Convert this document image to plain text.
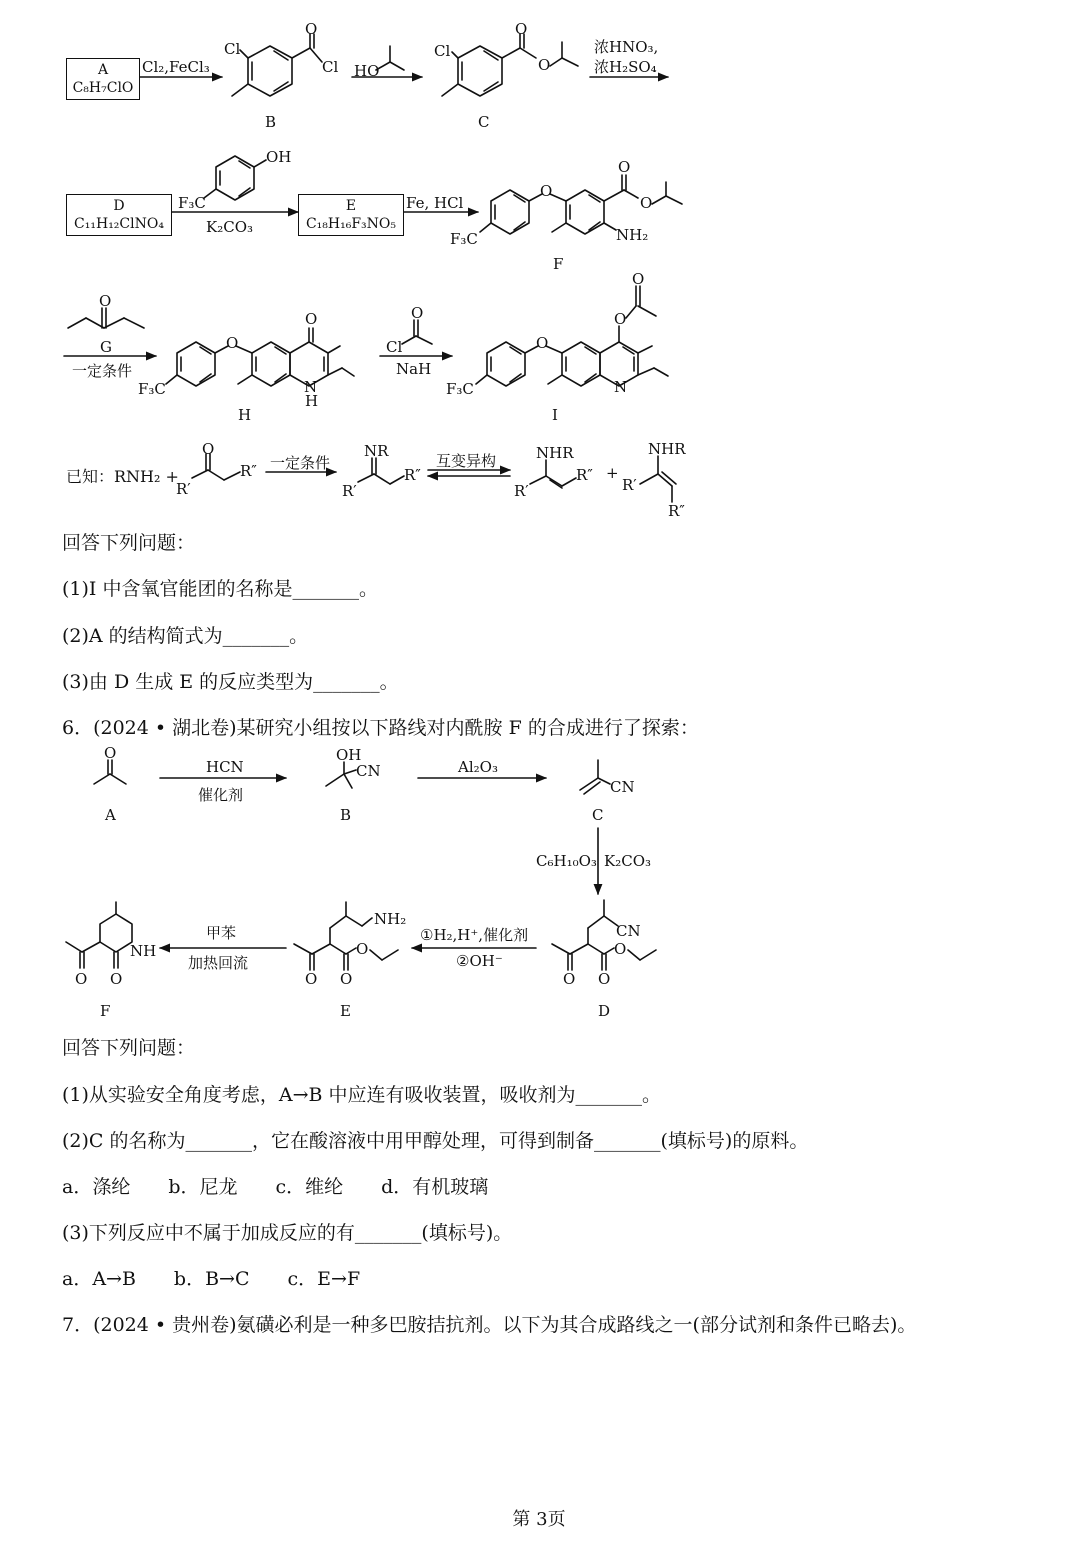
A
C₈H₇ClO
Cl₂,FeCl₃
Cl
Cl
O
B
HO
Cl
O
O
C
浓HNO₃,
浓H₂SO₄
D
C₁₁H₁₂ClNO₄
OH
F₃C
K₂CO₃
E
C₁₈H₁₆F₃NO₅
Fe, HCl
F₃C
O
O
O
NH₂
F
O
G
一定条件
F₃C
O
O
N
H
H
Cl
O
NaH
F₃C
O
O
O
N
I
已知：RNH₂ +
O
R′
R″ 一定条件
NR
R′
R″
互变异构	NHR
R′
R″ +
NHR
R′
R″
回答下列问题：
(1)I 中含氧官能团的名称是_______。
(2)A 的结构简式为_______。
(3)由 D 生成 E 的反应类型为_______。
6．(2024 • 湖北卷)某研究小组按以下路线对内酰胺 F 的合成进行了探索：
O
A
HCN
催化剂
OH
CN
B
Al₂O₃
CN
C
C₆H₁₀O₃ K₂CO₃
CN
O O
O
D
①H₂,H⁺,催化剂
②OH⁻
NH₂
O O
O
E
甲苯
加热回流
NH
O O
F
回答下列问题：
(1)从实验安全角度考虑，A→B 中应连有吸收装置，吸收剂为_______。
(2)C 的名称为_______，它在酸溶液中用甲醇处理，可得到制备_______(填标号)的原料。
a．涤纶　　b．尼龙　　c．维纶　　d．有机玻璃
(3)下列反应中不属于加成反应的有_______(填标号)。
a．A→B　　b．B→C　　c．E→F
7．(2024 • 贵州卷)氨磺必利是一种多巴胺拮抗剂。以下为其合成路线之一(部分试剂和条件已略去)。
第 3页
